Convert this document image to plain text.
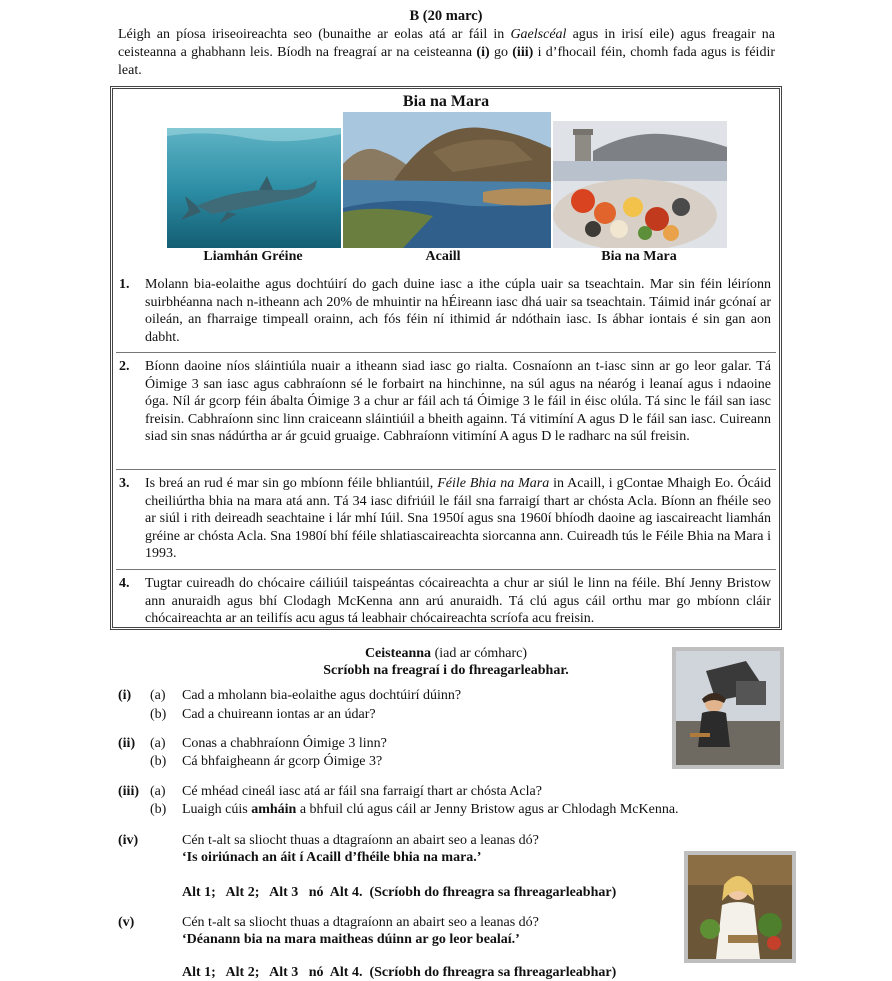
B (20 marc)
Léigh an píosa iriseoireachta seo (bunaithe ar eolas atá ar fáil in Gaelscéal agus in irisí eile) agus freagair na ceisteanna a ghabhann leis. Bíodh na freagraí ar na ceisteanna (i) go (iii) i d’fhocail féin, chomh fada agus is féidir leat.
Bia na Mara
Liamhán Gréine	Acaill	Bia na Mara
1.	Molann bia-eolaithe agus dochtúirí do gach duine iasc a ithe cúpla uair sa tseachtain. Mar sin féin léiríonn suirbhéanna nach n-itheann ach 20% de mhuintir na hÉireann iasc dhá uair sa tseachtain. Táimid inár gcónaí ar oileán, an fharraige timpeall orainn, ach fós féin ní ithimid ár ndóthain iasc. Is ábhar iontais é sin gan aon dabht.
2.	Bíonn daoine níos sláintiúla nuair a itheann siad iasc go rialta. Cosnaíonn an t-iasc sinn ar go leor galar. Tá Óimige 3 san iasc agus cabhraíonn sé le forbairt na hinchinne, na súl agus na néaróg i leanaí agus i ndaoine óga. Níl ár gcorp féin ábalta Óimige 3 a chur ar fáil ach tá Óimige 3 le fáil in éisc olúla. Tá sinc le fáil san iasc freisin. Cabhraíonn sinc linn craiceann sláintiúil a bheith againn. Tá vitimíní A agus D le fáil san iasc. Cuireann siad sin snas nádúrtha ar ár gcuid gruaige. Cabhraíonn vitimíní A agus D le radharc na súl freisin.
3.	Is breá an rud é mar sin go mbíonn féile bhliantúil, Féile Bhia na Mara in Acaill, i gContae Mhaigh Eo. Ócáid cheiliúrtha bhia na mara atá ann. Tá 34 iasc difriúil le fáil sna farraigí thart ar chósta Acla. Bíonn an fhéile seo ar siúl i rith deireadh seachtaine i lár mhí Iúil. Sna 1950í agus sna 1960í bhíodh daoine ag iascaireacht liamhán gréine ar chósta Acla. Sna 1980í bhí féile shlatiascaireachta siorcanna ann. Cuireadh tús le Féile Bhia na Mara i 1993.
4.	Tugtar cuireadh do chócaire cáiliúil taispeántas cócaireachta a chur ar siúl le linn na féile. Bhí Jenny Bristow ann anuraidh agus bhí Clodagh McKenna ann arú anuraidh. Tá clú agus cáil orthu mar go mbíonn cláir chócaireachta ar an teilifís acu agus tá leabhair chócaireachta scríofa acu freisin.
Ceisteanna (iad ar cómharc)
Scríobh na freagraí i do fhreagarleabhar.
(i) (a) Cad a mholann bia-eolaithe agus dochtúirí dúinn?
(b) Cad a chuireann iontas ar an údar?
(ii) (a) Conas a chabhraíonn Óimige 3 linn?
(b) Cá bhfaigheann ár gcorp Óimige 3?
(iii) (a) Cé mhéad cineál iasc atá ar fáil sna farraigí thart ar chósta Acla?
(b) Luaigh cúis amháin a bhfuil clú agus cáil ar Jenny Bristow agus ar Chlodagh McKenna.
(iv)	Cén t-alt sa sliocht thuas a dtagraíonn an abairt seo a leanas dó?
‘Is oiriúnach an áit í Acaill d’fhéile bhia na mara.’
Alt 1;   Alt 2;   Alt 3   nó  Alt 4.  (Scríobh do fhreagra sa fhreagarleabhar)
(v)	Cén t-alt sa sliocht thuas a dtagraíonn an abairt seo a leanas dó?
‘Déanann bia na mara maitheas dúinn ar go leor bealaí.’
Alt 1;   Alt 2;   Alt 3   nó  Alt 4.  (Scríobh do fhreagra sa fhreagarleabhar)
